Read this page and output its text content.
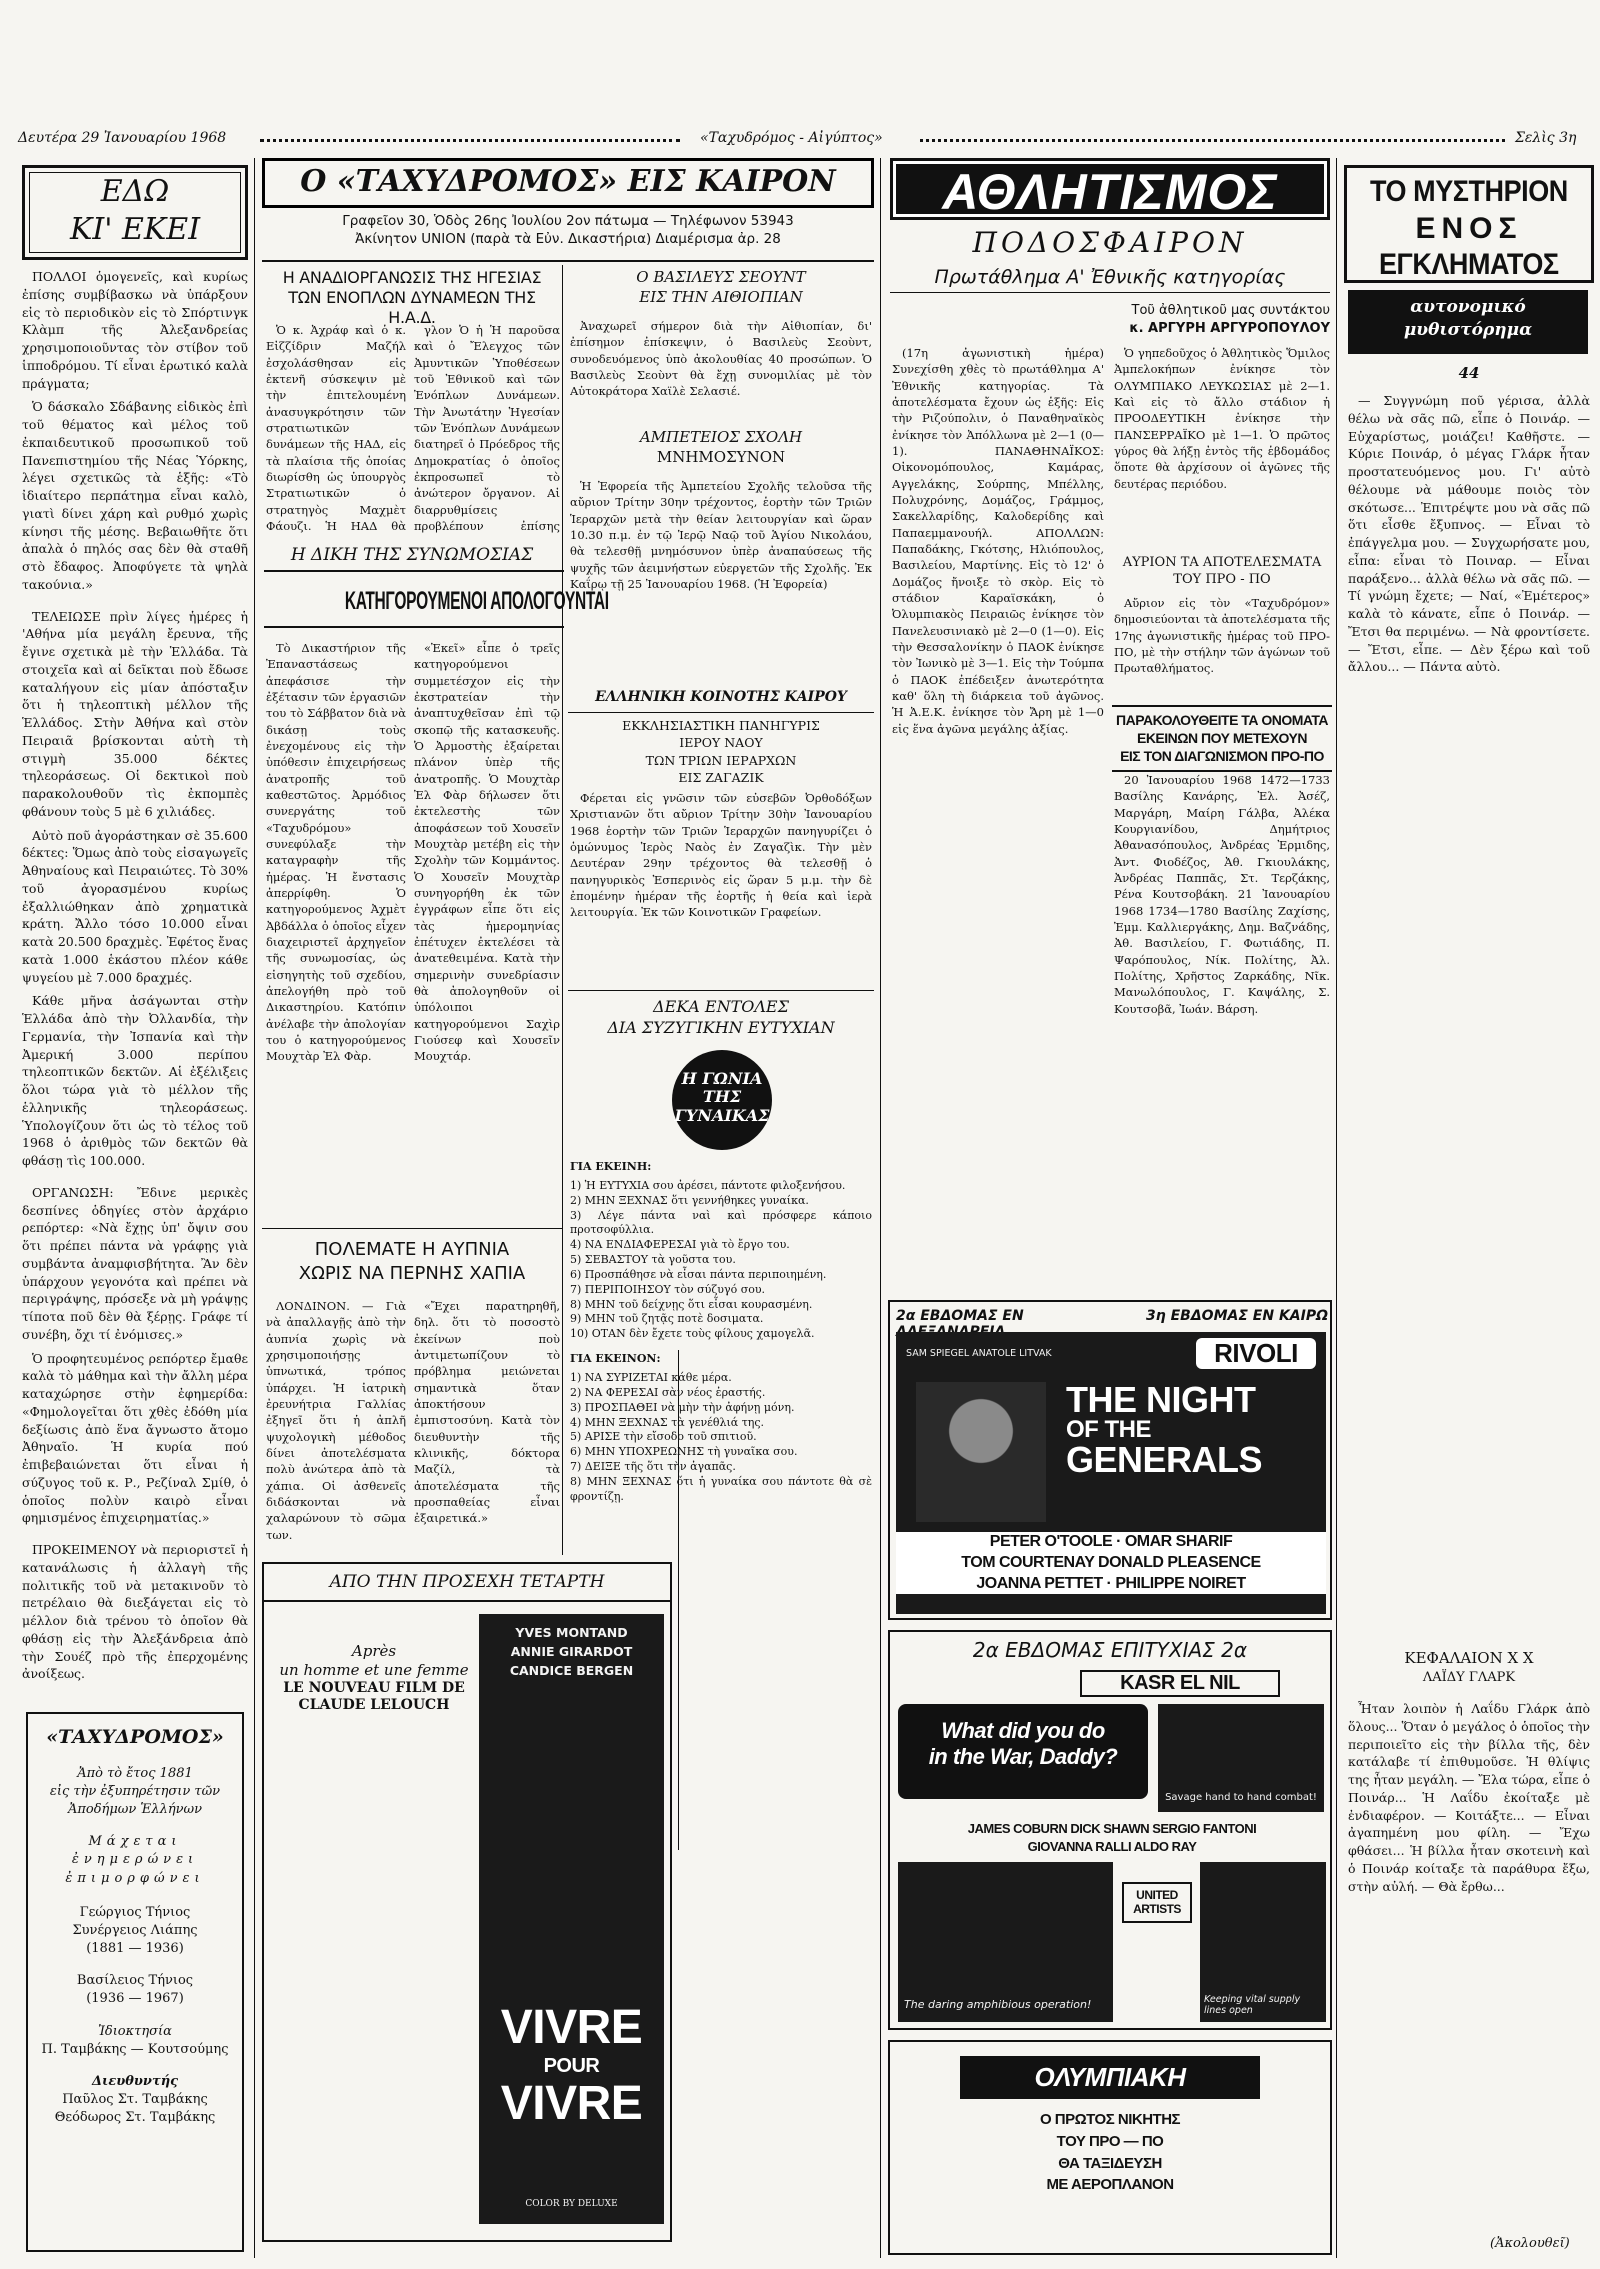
Δευτέρα 29 Ἰανουαρίου 1968	«Ταχυδρόμος - Αἰγύπτος»	Σελὶς 3η
ΕΔΩ
ΚΙ' ΕΚΕΙ

ΠΟΛΛΟΙ ὁμογενεῖς, καὶ κυρίως ἐπίσης συμβίβασκω νὰ ὑπάρξουν εἰς τὸ περιοδικὸν εἰς τὸ Σπόρτινγκ Κλὰμπ τῆς Ἀλεξανδρείας χρησιμοποιοῦντας τὸν στίβον τοῦ ἱπποδρόμου. Τί εἶναι ἐρωτικό καλὰ πράγματα;

Ὁ δάσκαλο Σδάβανης εἰδικὸς ἐπὶ τοῦ θέματος καὶ μέλος τοῦ ἐκπαιδευτικοῦ προσωπικοῦ τοῦ Πανεπιστημίου τῆς Νέας Ὑόρκης, λέγει σχετικῶς τὰ ἑξῆς: «Τὸ ἰδιαίτερο περπάτημα εἶναι καλὸ, γιατὶ δίνει χάρη καὶ ρυθμό χωρὶς κίνησι τῆς μέσης. Βεβαιωθῆτε ὅτι ἀπαλὰ ὁ πηλός σας δὲν θὰ σταθῆ στὸ ἔδαφος. Ἀποφύγετε τὰ ψηλὰ τακούνια.»

ΤΕΛΕΙΩΣΕ πρὶν λίγες ἡμέρες ἡ 'Αθήνα μία μεγάλη ἔρευνα, τῆς ἔγινε σχετικὰ μὲ τὴν Ἑλλάδα. Τὰ στοιχεῖα καὶ αἱ δεῖκται ποὺ ἔδωσε καταλήγουν εἰς μίαν ἀπόσταξιν ὅτι ἡ τηλεοπτικὴ μέλλον τῆς Ἑλλάδος. Στὴν Ἀθήνα καὶ στὸν Πειραιᾶ βρίσκονται αὐτὴ τὴ στιγμὴ 35.000 δέκτες τηλεοράσεως. Οἱ δεκτικοὶ ποὺ παρακολουθοῦν τὶς ἐκπομπὲς φθάνουν τοὺς 5 μὲ 6 χιλιάδες.

Αὐτὸ ποῦ ἀγοράστηκαν σὲ 35.600 δέκτες: Ὅμως ἀπὸ τοὺς εἰσαγωγεῖς Ἀθηναίους καὶ Πειραιώτες. Τὸ 30% τοῦ ἀγορασμένου κυρίως ἐξαλλιώθηκαν ἀπὸ χρηματικὰ κράτη. Ἄλλο τόσο 10.000 εἶναι κατὰ 20.500 δραχμὲς. Ἐφέτος ἔνας κατὰ 1.000 ἑκάστου πλέον κάθε ψυγείου μὲ 7.000 δραχμές.

Κάθε μῆνα ἀσάγωνται στὴν Ἑλλάδα ἀπὸ τὴν Ὀλλανδία, τὴν Γερμανία, τὴν Ἰσπανία καὶ τὴν Ἀμερική 3.000 περίπου τηλεοπτικῶν δεκτῶν. Αἱ ἐξέλιξεις ὅλοι τώρα γιὰ τὸ μέλλον τῆς ἑλληνικῆς τηλεοράσεως. Ὑπολογίζουν ὅτι ὡς τὸ τέλος τοῦ 1968 ὁ ἀριθμὸς τῶν δεκτῶν θὰ φθάσῃ τὶς 100.000.

ΟΡΓΑΝΩΣΗ: Ἔδινε μερικὲς δεσπίνες ὁδηγίες στὸν ἀρχάριο ρεπόρτερ: «Νὰ ἔχῃς ὑπ' ὄψιν σου ὅτι πρέπει πάντα νὰ γράφῃς γιὰ συμβάντα ἀναμφισβήτητα. Ἂν δὲν ὑπάρχουν γεγονότα καὶ πρέπει νὰ περιγράψης, πρόσεξε νὰ μὴ γράψῃς τίποτα ποῦ δὲν θὰ ξέρῃς. Γράφε τί συνέβη, ὄχι τί ἐνόμισες.»

Ὁ προφητευμένος ρεπόρτερ ἔμαθε καλὰ τὸ μάθημα καὶ τὴν ἄλλη μέρα καταχώρησε στὴν ἐφημερίδα: «Φημολογεῖται ὅτι χθὲς ἐδόθη μία δεξίωσις ἀπὸ ἕνα ἄγνωστο ἄτομο Ἀθηναῖο. Ἡ κυρία πού ἐπιβεβαιώνεται ὅτι εἶναι ἡ σύζυγος τοῦ κ. Ρ., Ρεζίναλ Σμίθ, ὁ ὁποῖος πολὺν καιρὸ εἶναι φημισμένος ἐπιχειρηματίας.»

ΠΡΟΚΕΙΜΕΝΟΥ νὰ περιοριστεῖ ἡ κατανάλωσις ἡ ἀλλαγὴ τῆς πολιτικῆς τοῦ νὰ μετακινοῦν τὸ πετρέλαιο θὰ διεξάγεται εἰς τὸ μέλλον διὰ τρένου τὸ ὁποῖον θὰ φθάσῃ εἰς τὴν Ἀλεξάνδρεια ἀπὸ τὴν Σουέζ πρὸ τῆς ἐπερχομένης ἀνοίξεως.

«ΤΑΧΥΔΡΟΜΟΣ»
Ἀπὸ τὸ ἔτος 1881
εἰς τὴν ἐξυπηρέτησιν τῶν Ἀποδήμων Ἑλλήνων
Μάχεται ἐνημερώνει ἐπιμορφώνει
Γεώργιος Τήνιος
Συνέργειος Λιάπης
(1881 — 1936)
Βασίλειος Τήνιος
(1936 — 1967)
Ἰδιοκτησία
Π. Ταμβάκης — Κουτσούμης
Διευθυντής
Παῦλος Στ. Ταμβάκης
Θεόδωρος Στ. Ταμβάκης
Ο «ΤΑΧΥΔΡΟΜΟΣ» ΕΙΣ ΚΑΙΡΟΝ
Γραφεῖον 30, Ὁδὸς 26ης Ἰουλίου 2ον πάτωμα — Τηλέφωνον 53943
Ἀκίνητον UNION (παρὰ τὰ Εὐν. Δικαστήρια) Διαμέρισμα ἀρ. 28
Η ΑΝΑΔΙΟΡΓΑΝΩΣΙΣ ΤΗΣ ΗΓΕΣΙΑΣ ΤΩΝ ΕΝΟΠΛΩΝ ΔΥΝΑΜΕΩΝ ΤΗΣ Η.Α.Δ.

Ὁ κ. Ἀχράφ καὶ ὁ κ. Εἰζζίδριν Μαζήλ ἐσχολάσθησαν εἰς ἐκτενῆ σύσκεψιν μὲ τὴν ἐπιτελουμένη ἀνασυγκρότησιν τῶν στρατιωτικῶν δυνάμεων τῆς ΗΑΔ, εἰς τὰ πλαίσια τῆς ὁποίας διωρίσθη ὡς ὑπουργὸς Στρατιωτικῶν ὁ στρατηγὸς Μαχμὲτ Φάουζι. Ἡ ΗΑΔ θὰ

γλον Ὁ ἡ Ἡ παροῦσα καὶ ὁ Ἔλεγχος τῶν Ἀμυντικῶν Ὑποθέσεων τοῦ Ἐθνικοῦ καὶ τῶν Ἐνόπλων Δυνάμεων. Τὴν Ἀνωτάτην Ἡγεσίαν τῶν Ἐνόπλων Δυνάμεων διατηρεῖ ὁ Πρόεδρος τῆς Δημοκρατίας ὁ ὁποῖος ἐκπροσωπεῖ τὸ ἀνώτερον ὄργανον. Αἱ διαρρυθμίσεις προβλέπουν ἐπίσης

Η ΔΙΚΗ ΤΗΣ ΣΥΝΩΜΟΣΙΑΣ
ΚΑΤΗΓΟΡΟΥΜΕΝΟΙ ΑΠΟΛΟΓΟΥΝΤΑΙ

Τὸ Δικαστήριον τῆς Ἐπαναστάσεως ἀπεφάσισε τὴν ἐξέτασιν τῶν ἐργασιῶν του τὸ Σάββατον διὰ νὰ δικάσῃ τοὺς ἐνεχομένους εἰς τὴν ὑπόθεσιν ἐπιχειρήσεως ἀνατροπῆς τοῦ καθεστῶτος. Ἀρμόδιος συνεργάτης τοῦ «Ταχυδρόμου» συνεφύλαξε τὴν καταγραφὴν τῆς ἡμέρας. Ἡ ἔνστασις ἀπερρίφθη. Ὁ κατηγορούμενος Ἀχμὲτ Ἀβδάλλα ὁ ὁποῖος εἶχεν διαχειριστεῖ ἀρχηγεῖον τῆς συνωμοσίας, ὡς εἰσηγητὴς τοῦ σχεδίου, ἀπελογήθη πρὸ τοῦ Δικαστηρίου. Κατόπιν ἀνέλαβε τὴν ἀπολογίαν του ὁ κατηγορούμενος Μουχτὰρ Ἐλ Φὰρ.

«Ἐκεῖ» εἶπε ὁ τρεῖς κατηγορούμενοι συμμετέσχον εἰς τὴν ἐκστρατείαν τὴν ἀναπτυχθεῖσαν ἐπὶ τῷ σκοπῷ τῆς κατασκευῆς. Ὁ Ἀρμοστὴς ἐξαίρεται πλάνον ὑπὲρ τῆς ἀνατροπῆς. Ὁ Μουχτὰρ Ἐλ Φὰρ δήλωσεν ὅτι ἐκτελεστὴς τῶν ἀποφάσεων τοῦ Χουσεῖν Μουχτὰρ μετέβη εἰς τὴν Σχολὴν τῶν Κομμάντος. Ὁ Χουσεῖν Μουχτὰρ συνηγορήθη ἐκ τῶν ἐγγράφων εἶπε ὅτι εἰς τὰς ἡμερομηνίας ἐπέτυχεν ἐκτελέσει τὰ ἀνατεθειμένα. Κατὰ τὴν σημερινὴν συνεδρίασιν θὰ ἀπολογηθοῦν οἱ ὑπόλοιποι κατηγορούμενοι Σαχὶρ Γιούσεφ καὶ Χουσεῖν Μουχτάρ.

Ο ΒΑΣΙΛΕΥΣ ΣΕΟΥΝΤ
ΕΙΣ ΤΗΝ ΑΙΘΙΟΠΙΑΝ

Ἀναχωρεῖ σήμερον διὰ τὴν Αἰθιοπίαν, δι' ἐπίσημον ἐπίσκεψιν, ὁ Βασιλεὺς Σεοὺντ, συνοδευόμενος ὑπὸ ἀκολουθίας 40 προσώπων. Ὁ Βασιλεὺς Σεοὺντ θὰ ἔχῃ συνομιλίας μὲ τὸν Αὐτοκράτορα Χαϊλὲ Σελασιέ.

ΑΜΠΕΤΕΙΟΣ ΣΧΟΛΗ
ΜΝΗΜΟΣΥΝΟΝ

Ἡ Ἐφορεία τῆς Ἀμπετείου Σχολῆς τελοῦσα τῆς αὔριον Τρίτην 30ην τρέχοντος, ἑορτὴν τῶν Τριῶν Ἱεραρχῶν μετὰ τὴν θείαν λειτουργίαν καὶ ὥραν 10.30 π.μ. ἐν τῷ Ἱερῷ Ναῷ τοῦ Ἁγίου Νικολάου, θὰ τελεσθῇ μνημόσυνον ὑπὲρ ἀναπαύσεως τῆς ψυχῆς τῶν ἀειμνήστων εὐεργετῶν τῆς Σχολῆς. Ἐκ Καΐρῳ τῇ 25 Ἰανουαρίου 1968. (Ἡ Ἐφορεία)

ΕΛΛΗΝΙΚΗ ΚΟΙΝΟΤΗΣ ΚΑΙΡΟΥ
ΕΚΚΛΗΣΙΑΣΤΙΚΗ ΠΑΝΗΓΥΡΙΣ
ΙΕΡΟΥ ΝΑΟΥ
ΤΩΝ ΤΡΙΩΝ ΙΕΡΑΡΧΩΝ
ΕΙΣ ΖΑΓΑΖΙΚ

Φέρεται εἰς γνῶσιν τῶν εὐσεβῶν Ὀρθοδόξων Χριστιανῶν ὅτι αὔριον Τρίτην 30ὴν Ἰανουαρίου 1968 ἑορτὴν τῶν Τριῶν Ἱεραρχῶν πανηγυρίζει ὁ ὁμώνυμος Ἱερὸς Ναὸς ἐν Ζαγαζὶκ. Τὴν μὲν Δευτέραν 29ην τρέχοντος θὰ τελεσθῇ ὁ πανηγυρικὸς Ἑσπερινὸς εἰς ὥραν 5 μ.μ. τὴν δὲ ἐπομένην ἡμέραν τῆς ἑορτῆς ἡ θεία καὶ ἱερὰ λειτουργία. Ἐκ τῶν Κοινοτικῶν Γραφείων.

ΔΕΚΑ ΕΝΤΟΛΕΣ
ΔΙΑ ΣΥΖΥΓΙΚΗΝ ΕΥΤΥΧΙΑΝ
Η ΓΩΝΙΑ
ΤΗΣ
ΓΥΝΑΙΚΑΣ
ΓΙΑ ΕΚΕΙΝΗ:
1) Ἡ ΕΥΤΥΧΙΑ σου ἀρέσει, πάντοτε φιλοξενήσου.
2) ΜΗΝ ΞΕΧΝΑΣ ὅτι γεννήθηκες γυναίκα.
3) Λέγε πάντα ναὶ καὶ πρόσφερε κάποιο προτσοφύλλια.
4) ΝΑ ΕΝΔΙΑΦΕΡΕΣΑΙ γιὰ τὸ ἔργο του.
5) ΣΕΒΑΣΤΟΥ τὰ γοῦστα του.
6) Προσπάθησε νὰ εἶσαι πάντα περιποιημένη.
7) ΠΕΡΙΠΟΙΗΣΟΥ τὸν σύζυγό σου.
8) ΜΗΝ τοῦ δείχνῃς ὅτι εἶσαι κουρασμένη.
9) ΜΗΝ τοῦ ζητᾷς ποτὲ δοσιματα.
10) ΟΤΑΝ δὲν ἔχετε τοὺς φίλους χαμογελᾶ.
ΓΙΑ ΕΚΕΙΝΟΝ:
1) ΝΑ ΣΥΡΙΖΕΤΑΙ κάθε μέρα.
2) ΝΑ ΦΕΡΕΣΑΙ σὰν νέος ἐραστής.
3) ΠΡΟΣΠΑΘΕΙ νὰ μὴν τὴν ἀφήνῃ μόνη.
4) ΜΗΝ ΞΕΧΝΑΣ τὰ γενέθλιά της.
5) ΑΡΙΣΕ τὴν εἴσοδο τοῦ σπιτιοῦ.
6) ΜΗΝ ΥΠΟΧΡΕΩΝΗΣ τὴ γυναῖκα σου.
7) ΔΕΙΞΕ τῆς ὅτι τὴν ἀγαπᾶς.
8) ΜΗΝ ΞΕΧΝΑΣ ὅτι ἡ γυναίκα σου πάντοτε θὰ σὲ φροντίζῃ.
ΠΟΛΕΜΑΤΕ Η ΑΥΠΝΙΑ
ΧΩΡΙΣ ΝΑ ΠΕΡΝΗΣ ΧΑΠΙΑ

ΛΟΝΔΙΝΟΝ. — Γιὰ νὰ ἀπαλλαγῇς ἀπὸ τὴν ἀυπνία χωρὶς νὰ χρησιμοποιήσῃς ὑπνωτικά, τρόπος ὑπάρχει. Ἡ ἰατρικὴ ἐρευνήτρια Γαλλίας ἐξηγεῖ ὅτι ἡ ἀπλῆ ψυχολογικὴ μέθοδος δίνει ἀποτελέσματα πολὺ ἀνώτερα ἀπὸ τὰ χάπια. Οἱ ἀσθενεῖς διδάσκονται νὰ χαλαρώνουν τὸ σῶμα των.

«Ἔχει παρατηρηθῆ, δηλ. ὅτι τὸ ποσοστὸ ἐκείνων ποὺ ἀντιμετωπίζουν τὸ πρόβλημα μειώνεται σημαντικὰ ὅταν ἀποκτήσουν ἐμπιστοσύνη. Κατὰ τὸν διευθυντὴν τῆς κλινικῆς, δόκτορα Μαζίλ, τὰ ἀποτελέσματα τῆς προσπαθείας εἶναι ἐξαιρετικά.»

ΑΠΟ ΤΗΝ ΠΡΟΣΕΧΗ ΤΕΤΑΡΤΗ
Après
un homme et une femme
LE NOUVEAU FILM DE
CLAUDE LELOUCH
YVES MONTAND
ANNIE GIRARDOT
CANDICE BERGEN
VIVRE
POUR
VIVRE
COLOR BY DELUXE
ΑΘΛΗΤΙΣΜΟΣ
ΠΟΔΟΣΦΑΙΡΟΝ
Πρωτάθλημα Α' Ἐθνικῆς κατηγορίας
Τοῦ ἀθλητικοῦ μας συντάκτου
κ. ΑΡΓΥΡΗ ΑΡΓΥΡΟΠΟΥΛΟΥ

(17η ἀγωνιστικὴ ἡμέρα) Συνεχίσθη χθὲς τὸ πρωτάθλημα Α' Ἐθνικῆς κατηγορίας. Τὰ ἀποτελέσματα ἔχουν ὡς ἑξῆς: Εἰς τὴν Ριζούπολιν, ὁ Παναθηναϊκὸς ἐνίκησε τὸν Ἀπόλλωνα μὲ 2—1 (0—1). ΠΑΝΑΘΗΝΑΪΚΟΣ: Οἰκονομόπουλος, Καμάρας, Αγγελάκης, Σούρπης, Μπέλλης, Πολυχρόνης, Δομάζος, Γράμμος, Σακελλαρίδης, Καλοδερίδης καὶ Παπαεμμανουήλ. ΑΠΟΛΛΩΝ: Παπαδάκης, Γκότσης, Ηλιόπουλος, Βασιλείου, Μαρτίνης. Εἰς τὸ 12' ὁ Δομάζος ἤνοιξε τὸ σκὸρ. Εἰς τὸ στάδιον Καραϊσκάκη, ὁ Ὀλυμπιακὸς Πειραιῶς ἐνίκησε τὸν Πανελευσινιακὸ μὲ 2—0 (1—0). Εἰς τὴν Θεσσαλονίκην ὁ ΠΑΟΚ ἐνίκησε τὸν Ἰωνικὸ μὲ 3—1. Εἰς τὴν Τούμπα ὁ ΠΑΟΚ ἐπέδειξεν ἀνωτερότητα καθ' ὅλη τὴ διάρκεια τοῦ ἀγῶνος. Ἡ Ἀ.Ε.Κ. ἐνίκησε τὸν Ἄρη μὲ 1—0 εἰς ἕνα ἀγῶνα μεγάλης ἀξίας.

Ὁ γηπεδοῦχος ὁ Ἀθλητικὸς Ὅμιλος Ἀμπελοκήπων ἐνίκησε τὸν ΟΛΥΜΠΙΑΚΟ ΛΕΥΚΩΣΙΑΣ μὲ 2—1. Καὶ εἰς τὸ ἄλλο στάδιον ἡ ΠΡΟΟΔΕΥΤΙΚΗ ἐνίκησε τὴν ΠΑΝΣΕΡΡΑΪΚΟ μὲ 1—1. Ὁ πρῶτος γύρος θὰ λήξῃ ἐντὸς τῆς ἑβδομάδος ὅποτε θὰ ἀρχίσουν οἱ ἀγῶνες τῆς δευτέρας περιόδου.

ΑΥΡΙΟΝ ΤΑ ΑΠΟΤΕΛΕΣΜΑΤΑ
ΤΟΥ ΠΡΟ - ΠΟ

Αὔριον εἰς τὸν «Ταχυδρόμον» δημοσιεύονται τὰ ἀποτελέσματα τῆς 17ης ἀγωνιστικῆς ἡμέρας τοῦ ΠΡΟ-ΠΟ, μὲ τὴν στήλην τῶν ἀγώνων τοῦ Πρωταθλήματος.

ΠΑΡΑΚΟΛΟΥΘΕΙΤΕ ΤΑ ΟΝΟΜΑΤΑ
ΕΚΕΙΝΩΝ ΠΟΥ ΜΕΤΕΧΟΥΝ
ΕΙΣ ΤΟΝ ΔΙΑΓΩΝΙΣΜΟΝ ΠΡΟ-ΠΟ

20 Ἰανουαρίου 1968 1472—1733 Βασίλης Κανάρης, Ἐλ. Ἀσέζ, Μαργάρη, Μαίρη Γάλβα, Ἀλέκα Κουργιανίδου, Δημήτριος Ἀθανασόπουλος, Ἀνδρέας Ἐρμιδης, Ἀντ. Φιοδέζος, Ἀθ. Γκιουλάκης, Ἀνδρέας Παππᾶς, Στ. Τερζάκης, Ρένα Κουτσοβάκη. 21 Ἰανουαρίου 1968 1734—1780 Βασίλης Ζαχίσης, Ἐμμ. Καλλιεργάκης, Δημ. Βαζνάδης, Ἀθ. Βασιλείου, Γ. Φωτιάδης, Π. Ψαρόπουλος, Νίκ. Πολίτης, Ἀλ. Πολίτης, Χρῆστος Ζαρκάδης, Νῖκ. Μανωλόπουλος, Γ. Καψάλης, Σ. Κουτσοβᾶ, Ἰωάν. Βάρση.

2α ΕΒΔΟΜΑΣ ΕΝ	3η ΕΒΔΟΜΑΣ ΕΝ ΚΑΙΡΩ
RIVOLI
SAM SPIEGEL ANATOLE LITVAK
THE NIGHT
OF THE
GENERALS
PETER O'TOOLE · OMAR SHARIF
TOM COURTENAY DONALD PLEASENCE
JOANNA PETTET · PHILIPPE NOIRET
2α ΕΒΔΟΜΑΣ ΕΠΙΤΥΧΙΑΣ 2α
KASR EL NIL
What did you do
in the War, Daddy?
Savage hand to hand combat!
JAMES COBURN DICK SHAWN SERGIO FANTONI
GIOVANNA RALLI ALDO RAY
The daring amphibious operation!
UNITED ARTISTS
Keeping vital supply lines open
ΟΛΥΜΠΙΑΚΗ
Ο ΠΡΩΤΟΣ ΝΙΚΗΤΗΣ
ΤΟΥ ΠΡΟ — ΠΟ
ΘΑ ΤΑΞΙΔΕΥΣΗ
ΜΕ ΑΕΡΟΠΛΑΝΟΝ
ΤΟ ΜΥΣΤΗΡΙΟΝ
ΕΝΟΣ
ΕΓΚΛΗΜΑΤΟΣ
αυτονομικό
μυθιστόρημα
44

— Συγγνώμη ποῦ γέρισα, ἀλλὰ θέλω νὰ σᾶς πῶ, εἶπε ὁ Ποινάρ. — Εὐχαρίστως, μοιάζει! Καθῆστε. — Κύριε Ποινάρ, ὁ μέγας Γλάρκ ἦταν προστατευόμενος μου. Γι' αὐτὸ θέλουμε νὰ μάθουμε ποιὸς τὸν σκότωσε... Ἐπιτρέψτε μου νὰ σᾶς πῶ ὅτι εἶσθε ἔξυπνος. — Εἶναι τὸ ἐπάγγελμα μου. — Συγχωρήσατε μου, εἶπα: εἶναι τὸ Ποιναρ. — Εἶναι παράξενο... ἀλλὰ θέλω νὰ σᾶς πῶ. — Τί γνώμη ἔχετε; — Ναί, «Ἐμέτερος» καλὰ τὸ κάνατε, εἶπε ὁ Ποινάρ. — Ἔτσι θα περιμένω. — Νὰ φροντίσετε. — Ἔτσι, εἶπε. — Δὲν ξέρω καὶ τοῦ ἄλλου... — Πάντα αὐτὸ.

ΚΕΦΑΛΑΙΟΝ Χ Χ
ΛΑΪΔΥ ΓΛΑΡΚ

Ἦταν λοιπὸν ἡ Λαΐδυ Γλάρκ ἀπὸ ὅλους... Ὅταν ὁ μεγάλος ὁ ὁποῖος τὴν περιποιεῖτο εἰς τὴν βίλλα τῆς, δὲν κατάλαβε τί ἐπιθυμοῦσε. Ἡ θλίψις της ἦταν μεγάλη. — Ἔλα τώρα, εἶπε ὁ Ποινάρ... Ἡ Λαΐδυ ἐκοίταξε μὲ ἐνδιαφέρον. — Κοιτάξτε... — Εἶναι ἀγαπημένη μου φίλη. — Ἔχω φθάσει... Ἡ βίλλα ἦταν σκοτεινὴ καὶ ὁ Ποινάρ κοίταξε τὰ παράθυρα ἔξω, στὴν αὐλή. — Θὰ ἔρθω...

(Ἀκολουθεῖ)
